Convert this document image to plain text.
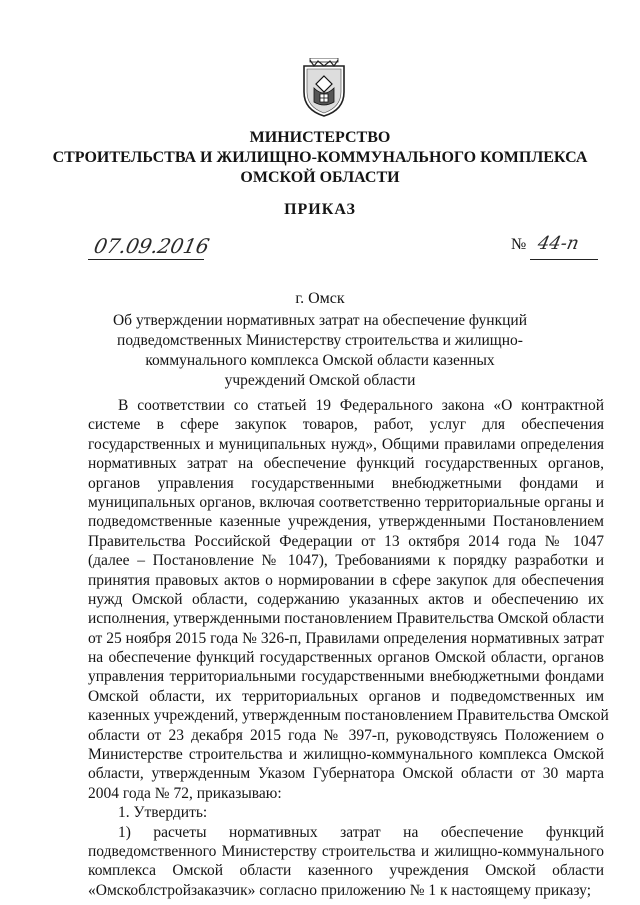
МИНИСТЕРСТВО
СТРОИТЕЛЬСТВА И ЖИЛИЩНО-КОММУНАЛЬНОГО КОМПЛЕКСА
ОМСКОЙ ОБЛАСТИ
ПРИКАЗ
07.09.2016	№ 44-п
г. Омск
Об утверждении нормативных затрат на обеспечение функций
подведомственных Министерству строительства и жилищно-
коммунального комплекса Омской области казенных
учреждений Омской области
В соответствии со статьей 19 Федерального закона «О контрактной
системе в сфере закупок товаров, работ, услуг для обеспечения
государственных и муниципальных нужд», Общими правилами определения
нормативных затрат на обеспечение функций государственных органов,
органов управления государственными внебюджетными фондами и
муниципальных органов, включая соответственно территориальные органы и
подведомственные казенные учреждения, утвержденными Постановлением
Правительства Российской Федерации от 13 октября 2014 года № 1047
(далее – Постановление № 1047), Требованиями к порядку разработки и
принятия правовых актов о нормировании в сфере закупок для обеспечения
нужд Омской области, содержанию указанных актов и обеспечению их
исполнения, утвержденными постановлением Правительства Омской области
от 25 ноября 2015 года № 326-п, Правилами определения нормативных затрат
на обеспечение функций государственных органов Омской области, органов
управления территориальными государственными внебюджетными фондами
Омской области, их территориальных органов и подведомственных им
казенных учреждений, утвержденным постановлением Правительства Омской
области от 23 декабря 2015 года № 397-п, руководствуясь Положением о
Министерстве строительства и жилищно-коммунального комплекса Омской
области, утвержденным Указом Губернатора Омской области от 30 марта
2004 года № 72, приказываю:
1. Утвердить:
1) расчеты нормативных затрат на обеспечение функций
подведомственного Министерству строительства и жилищно-коммунального
комплекса Омской области казенного учреждения Омской области
«Омскоблстройзаказчик» согласно приложению № 1 к настоящему приказу;
